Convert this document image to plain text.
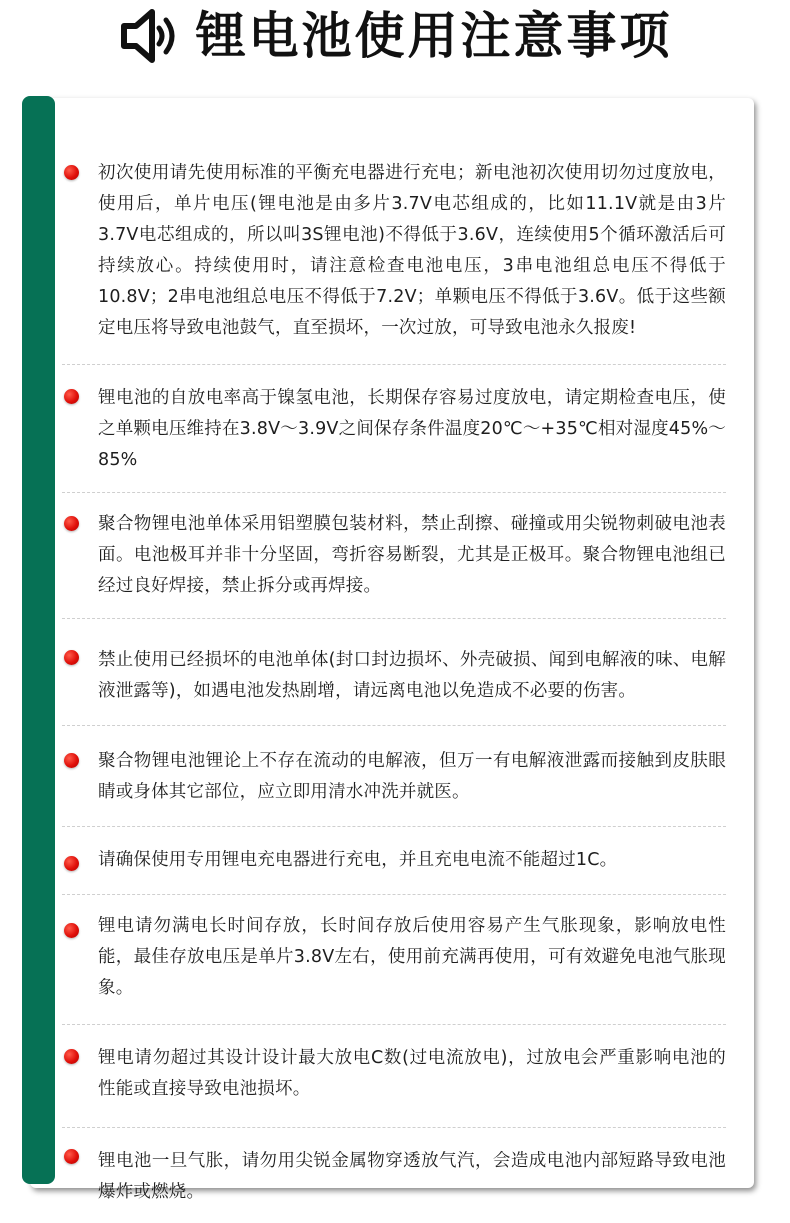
锂电池使用注意事项
初次使用请先使用标准的平衡充电器进行充电；新电池初次使用切勿过度放电，使用后，单片电压(锂电池是由多片3.7V电芯组成的，比如11.1V就是由3片3.7V电芯组成的，所以叫3S锂电池)不得低于3.6V，连续使用5个循环激活后可持续放心。持续使用时，请注意检查电池电压，3串电池组总电压不得低于10.8V；2串电池组总电压不得低于7.2V；单颗电压不得低于3.6V。低于这些额定电压将导致电池鼓气，直至损坏，一次过放，可导致电池永久报废!
锂电池的自放电率高于镍氢电池，长期保存容易过度放电，请定期检查电压，使之单颗电压维持在3.8V～3.9V之间保存条件温度20℃～+35℃相对湿度45%～85%
聚合物锂电池单体采用铝塑膜包装材料，禁止刮擦、碰撞或用尖锐物刺破电池表面。电池极耳并非十分坚固，弯折容易断裂，尤其是正极耳。聚合物锂电池组已经过良好焊接，禁止拆分或再焊接。
禁止使用已经损坏的电池单体(封口封边损坏、外壳破损、闻到电解液的味、电解液泄露等)，如遇电池发热剧增，请远离电池以免造成不必要的伤害。
聚合物锂电池锂论上不存在流动的电解液，但万一有电解液泄露而接触到皮肤眼睛或身体其它部位，应立即用清水冲洗并就医。
请确保使用专用锂电充电器进行充电，并且充电电流不能超过1C。
锂电请勿满电长时间存放，长时间存放后使用容易产生气胀现象，影响放电性能，最佳存放电压是单片3.8V左右，使用前充满再使用，可有效避免电池气胀现象。
锂电请勿超过其设计设计最大放电C数(过电流放电)，过放电会严重影响电池的性能或直接导致电池损坏。
锂电池一旦气胀，请勿用尖锐金属物穿透放气汽，会造成电池内部短路导致电池爆炸或燃烧。
